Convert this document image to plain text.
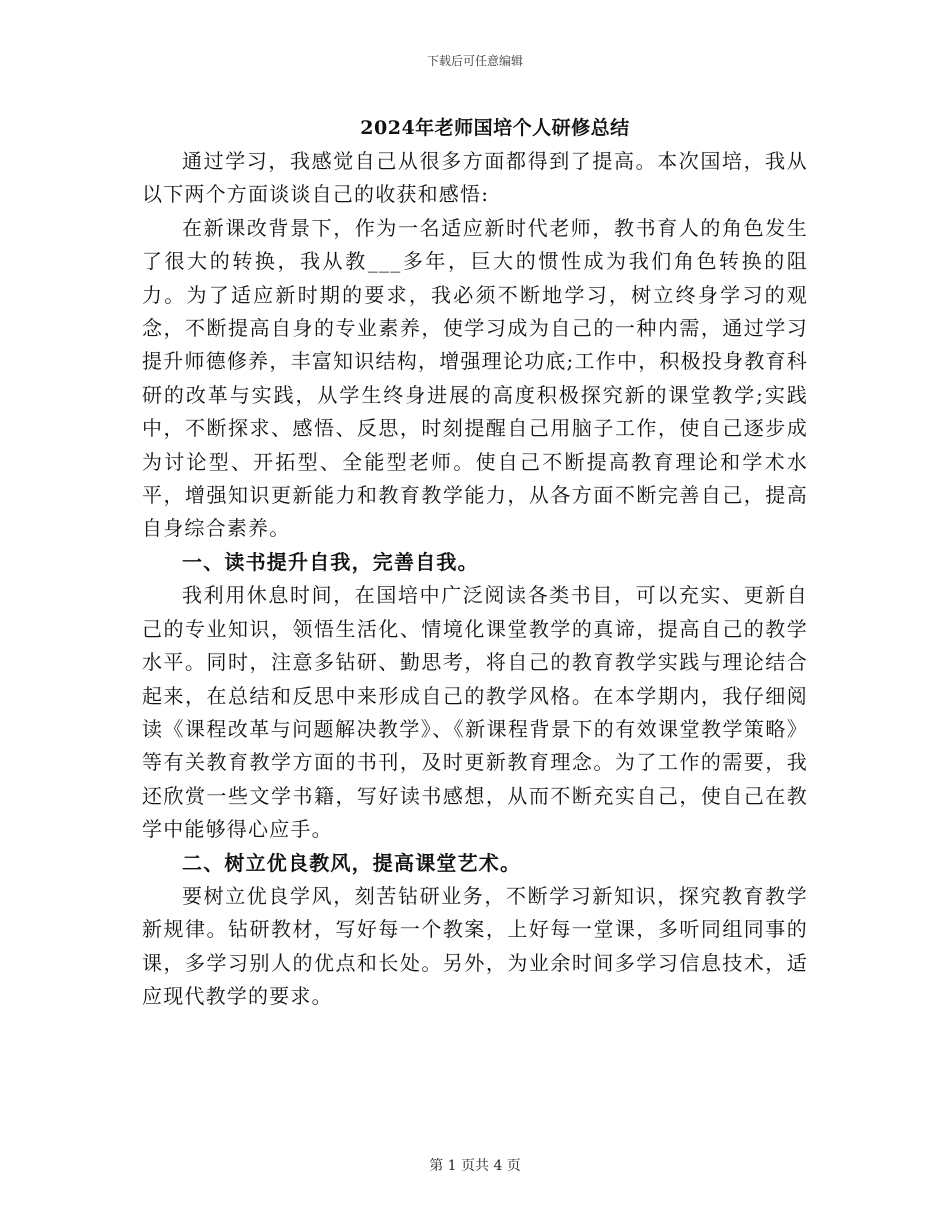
下载后可任意编辑
2024年老师国培个人研修总结

通过学习，我感觉自己从很多方面都得到了提高。本次国培，我从以下两个方面谈谈自己的收获和感悟:

在新课改背景下，作为一名适应新时代老师，教书育人的角色发生了很大的转换，我从教___多年，巨大的惯性成为我们角色转换的阻力。为了适应新时期的要求，我必须不断地学习，树立终身学习的观念，不断提高自身的专业素养，使学习成为自己的一种内需，通过学习提升师德修养，丰富知识结构，增强理论功底;工作中，积极投身教育科研的改革与实践，从学生终身进展的高度积极探究新的课堂教学;实践中，不断探求、感悟、反思，时刻提醒自己用脑子工作，使自己逐步成为讨论型、开拓型、全能型老师。使自己不断提高教育理论和学术水平，增强知识更新能力和教育教学能力，从各方面不断完善自己，提高自身综合素养。

一、读书提升自我，完善自我。

我利用休息时间，在国培中广泛阅读各类书目，可以充实、更新自己的专业知识，领悟生活化、情境化课堂教学的真谛，提高自己的教学水平。同时，注意多钻研、勤思考，将自己的教育教学实践与理论结合起来，在总结和反思中来形成自己的教学风格。在本学期内，我仔细阅读《课程改革与问题解决教学》、《新课程背景下的有效课堂教学策略》等有关教育教学方面的书刊，及时更新教育理念。为了工作的需要，我还欣赏一些文学书籍，写好读书感想，从而不断充实自己，使自己在教学中能够得心应手。

二、树立优良教风，提高课堂艺术。

要树立优良学风，刻苦钻研业务，不断学习新知识，探究教育教学新规律。钻研教材，写好每一个教案，上好每一堂课，多听同组同事的课，多学习别人的优点和长处。另外，为业余时间多学习信息技术，适应现代教学的要求。

第 1 页共 4 页
